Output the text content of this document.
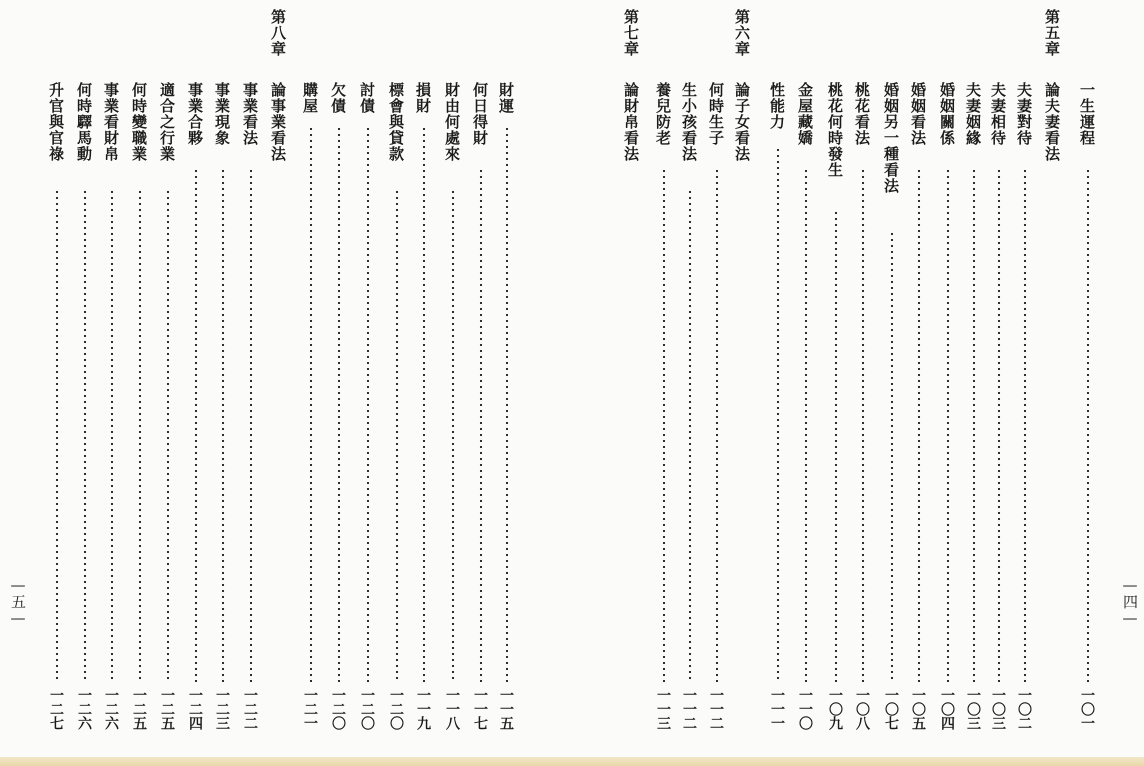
第五章
第六章
第七章
一生運程
一〇一
論夫妻看法
夫妻對待
一〇二
夫妻相待
一〇三
夫妻姻緣
一〇三
婚姻關係
一〇四
婚姻看法
一〇五
婚姻另一種看法
一〇七
桃花看法
一〇八
桃花何時發生
一〇九
金屋藏嬌
一一〇
性能力
一一一
論子女看法
何時生子
一一二
生小孩看法
一一二
養兒防老
一一三
論財帛看法
第八章
財運
一一五
何日得財
一一七
財由何處來
一一八
損財
一一九
標會與貸款
一二〇
討債
一二〇
欠債
一二〇
購屋
一二一
論事業看法
事業看法
一二二
事業現象
一二三
事業合夥
一二四
適合之行業
一二五
何時變職業
一二五
事業看財帛
一二六
何時驛馬動
一二六
升官與官祿
一二七
—四—
—五—
